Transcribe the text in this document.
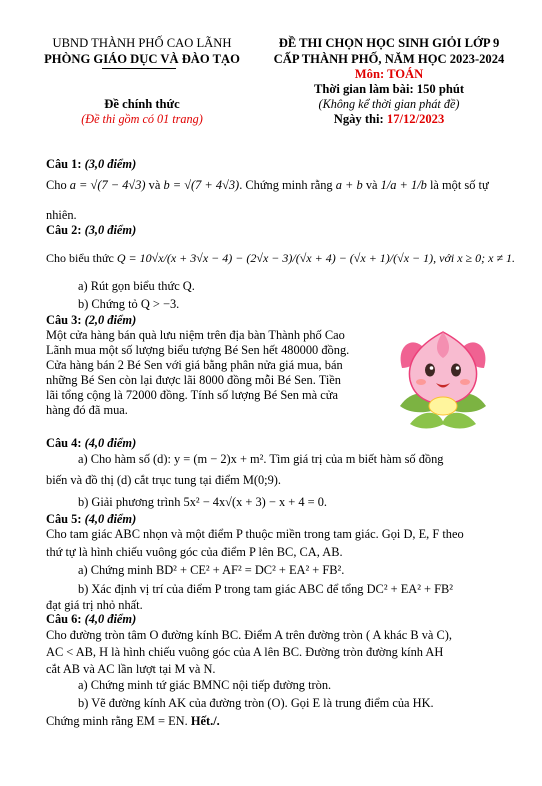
UBND THÀNH PHỐ CAO LÃNH
PHÒNG GIÁO DỤC VÀ ĐÀO TẠO
ĐỀ THI CHỌN HỌC SINH GIỎI LỚP 9
CẤP THÀNH PHỐ, NĂM HỌC 2023-2024
Môn: TOÁN
Thời gian làm bài: 150 phút
(Không kể thời gian phát đề)
Ngày thi: 17/12/2023
Đề chính thức
(Đề thi gồm có 01 trang)
Câu 1: (3,0 điểm)
Cho a = √(7 − 4√3) và b = √(7 + 4√3). Chứng minh rằng a + b và 1/a + 1/b là một số tự
nhiên.
Câu 2: (3,0 điểm)
Cho biểu thức Q = 10√x/(x + 3√x − 4) − (2√x − 3)/(√x + 4) − (√x + 1)/(√x − 1), với x ≥ 0; x ≠ 1.
a) Rút gọn biểu thức Q.
b) Chứng tỏ Q > −3.
Câu 3: (2,0 điểm)
Một cửa hàng bán quà lưu niệm trên địa bàn Thành phố Cao
Lãnh mua một số lượng biểu tượng Bé Sen hết 480000 đồng.
Cửa hàng bán 2 Bé Sen với giá bằng phân nửa giá mua, bán
những Bé Sen còn lại được lãi 8000 đồng mỗi Bé Sen. Tiền
lãi tổng cộng là 72000 đồng. Tính số lượng Bé Sen mà cửa
hàng đó đã mua.
Câu 4: (4,0 điểm)
a) Cho hàm số (d): y = (m − 2)x + m². Tìm giá trị của m biết hàm số đồng
biến và đồ thị (d) cắt trục tung tại điểm M(0;9).
b) Giải phương trình 5x² − 4x√(x + 3) − x + 4 = 0.
Câu 5: (4,0 điểm)
Cho tam giác ABC nhọn và một điểm P thuộc miền trong tam giác. Gọi D, E, F theo
thứ tự là hình chiếu vuông góc của điểm P lên BC, CA, AB.
a) Chứng minh BD² + CE² + AF² = DC² + EA² + FB².
b) Xác định vị trí của điểm P trong tam giác ABC để tổng DC² + EA² + FB²
đạt giá trị nhỏ nhất.
Câu 6: (4,0 điểm)
Cho đường tròn tâm O đường kính BC. Điểm A trên đường tròn ( A khác B và C),
AC < AB, H là hình chiếu vuông góc của A lên BC. Đường tròn đường kính AH
cắt AB và AC lần lượt tại M và N.
a) Chứng minh tứ giác BMNC nội tiếp đường tròn.
b) Vẽ đường kính AK của đường tròn (O). Gọi E là trung điểm của HK.
Chứng minh rằng EM = EN. Hết./.
